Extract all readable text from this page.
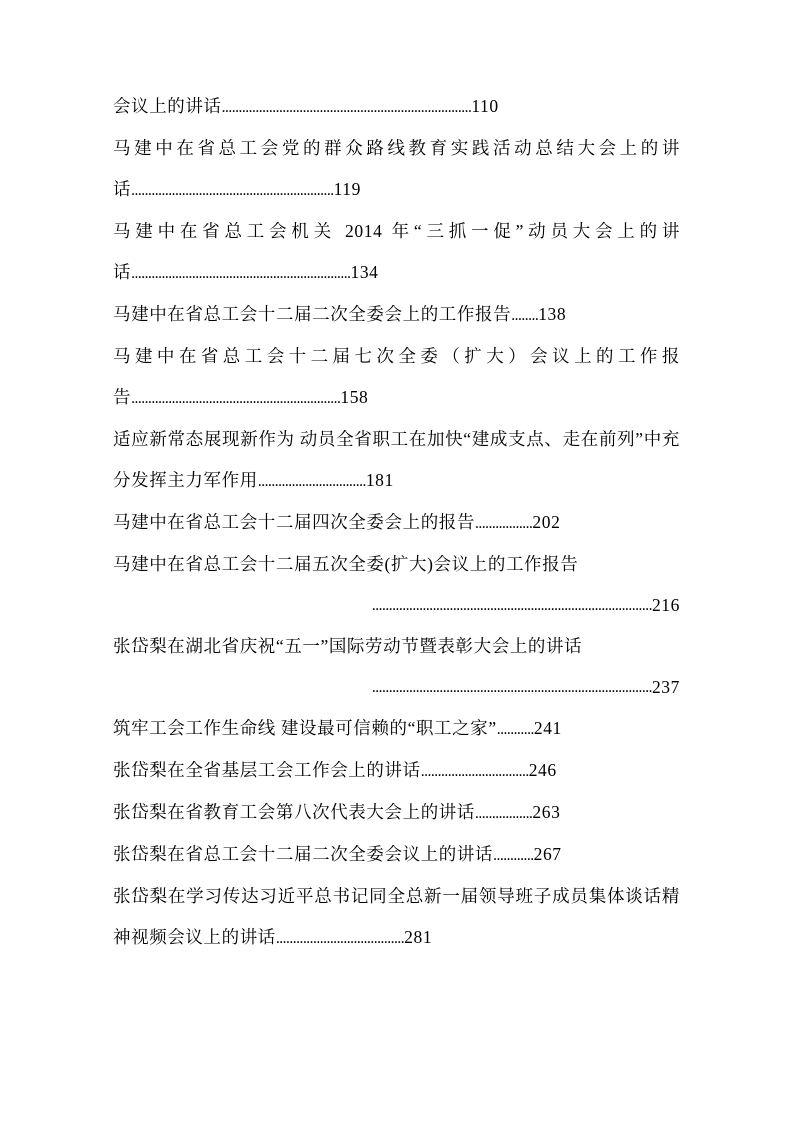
会议上的讲话..........................................................................110
马建中在省总工会党的群众路线教育实践活动总结大会上的讲话............................................................119
马建中在省总工会机关 2014 年“三抓一促”动员大会上的讲话.................................................................134
马建中在省总工会十二届二次全委会上的工作报告........138
马建中在省总工会十二届七次全委（扩大）会议上的工作报告..............................................................158
适应新常态展现新作为 动员全省职工在加快“建成支点、走在前列”中充分发挥主力军作用................................181
马建中在省总工会十二届四次全委会上的报告.................202
马建中在省总工会十二届五次全委(扩大)会议上的工作报告
...................................................................................216
张岱梨在湖北省庆祝“五一”国际劳动节暨表彰大会上的讲话
...................................................................................237
筑牢工会工作生命线 建设最可信赖的“职工之家”...........241
张岱梨在全省基层工会工作会上的讲话................................246
张岱梨在省教育工会第八次代表大会上的讲话.................263
张岱梨在省总工会十二届二次全委会议上的讲话............267
张岱梨在学习传达习近平总书记同全总新一届领导班子成员集体谈话精神视频会议上的讲话......................................281
